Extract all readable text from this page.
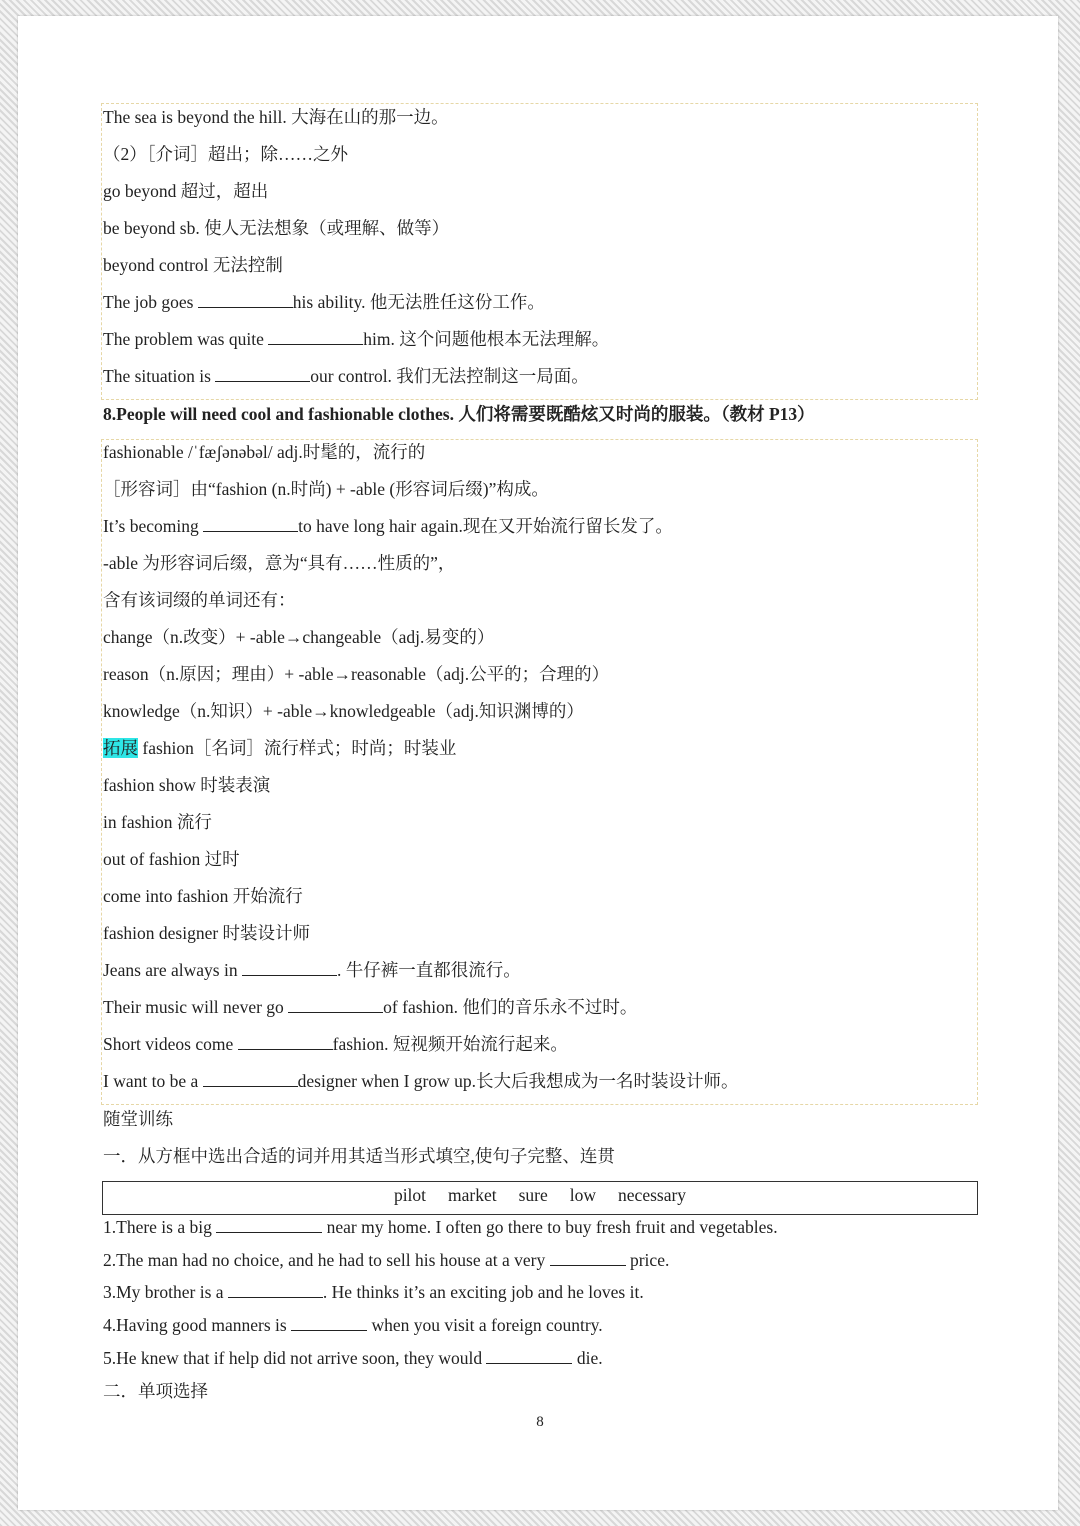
The sea is beyond the hill. 大海在山的那一边。
（2）［介词］超出；除……之外
go beyond 超过，超出
be beyond sb. 使人无法想象（或理解、做等）
beyond control 无法控制
The job goes	his ability. 他无法胜任这份工作。
The problem was quite	him. 这个问题他根本无法理解。
The situation is	our control. 我们无法控制这一局面。
8.People will need cool and fashionable clothes. 人们将需要既酷炫又时尚的服装。（教材 P13）
fashionable /ˈfæʃənəbəl/ adj.时髦的，流行的
［形容词］由“fashion (n.时尚) + -able (形容词后缀)”构成。
It’s becoming	to have long hair again.现在又开始流行留长发了。
-able 为形容词后缀，意为“具有……性质的”，
含有该词缀的单词还有：
change（n.改变）+ -able→changeable（adj.易变的）
reason（n.原因；理由）+ -able→reasonable（adj.公平的；合理的）
knowledge（n.知识）+ -able→knowledgeable（adj.知识渊博的）
拓展 fashion［名词］流行样式；时尚；时装业
fashion show 时装表演
in fashion 流行
out of fashion 过时
come into fashion 开始流行
fashion designer 时装设计师
Jeans are always in	. 牛仔裤一直都很流行。
Their music will never go	of fashion. 他们的音乐永不过时。
Short videos come	fashion. 短视频开始流行起来。
I want to be a	designer when I grow up.长大后我想成为一名时装设计师。
随堂训练
一．从方框中选出合适的词并用其适当形式填空,使句子完整、连贯
pilot market sure low necessary
1.There is a big	near my home. I often go there to buy fresh fruit and vegetables.
2.The man had no choice, and he had to sell his house at a very	price.
3.My brother is a	. He thinks it’s an exciting job and he loves it.
4.Having good manners is	when you visit a foreign country.
5.He knew that if help did not arrive soon, they would	die.
二．单项选择
8
